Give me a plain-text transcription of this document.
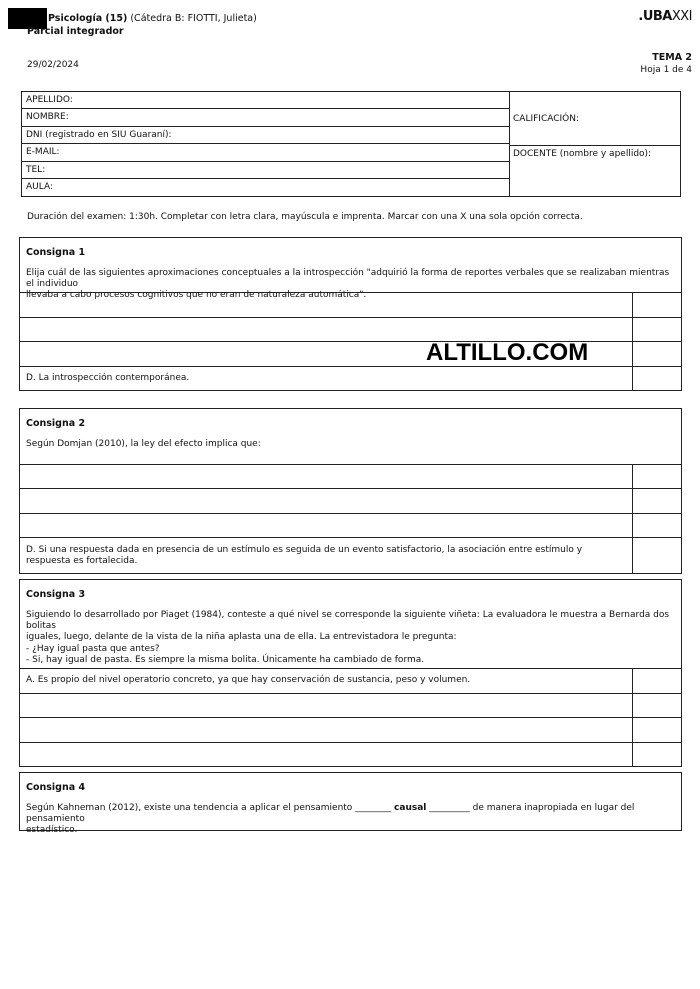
Psicología (15) (Cátedra B: FIOTTI, Julieta)
Parcial integrador
29/02/2024
.UBAXXI
TEMA 2
Hoja 1 de 4
APELLIDO:
NOMBRE:
DNI (registrado en SIU Guaraní):
E-MAIL:
TEL:
AULA:
CALIFICACIÓN:
DOCENTE (nombre y apellido):
Duración del examen: 1:30h. Completar con letra clara, mayúscula e imprenta. Marcar con una X una sola opción correcta.
Consigna 1
Elija cuál de las siguientes aproximaciones conceptuales a la introspección "adquirió la forma de reportes verbales que se realizaban mientras el individuo
llevaba a cabo procesos cognitivos que no eran de naturaleza automática".
D. La introspección contemporánea.
ALTILLO.COM
Consigna 2
Según Domjan (2010), la ley del efecto implica que:
D. Si una respuesta dada en presencia de un estímulo es seguida de un evento satisfactorio, la asociación entre estímulo y respuesta es fortalecida.
Consigna 3
Siguiendo lo desarrollado por Piaget (1984), conteste a qué nivel se corresponde la siguiente viñeta: La evaluadora le muestra a Bernarda dos bolitas
iguales, luego, delante de la vista de la niña aplasta una de ella. La entrevistadora le pregunta:
- ¿Hay igual pasta que antes?
- Si, hay igual de pasta. Es siempre la misma bolita. Únicamente ha cambiado de forma.
A. Es propio del nivel operatorio concreto, ya que hay conservación de sustancia, peso y volumen.
Consigna 4
Según Kahneman (2012), existe una tendencia a aplicar el pensamiento ________ causal _________ de manera inapropiada en lugar del pensamiento
estadístico.
